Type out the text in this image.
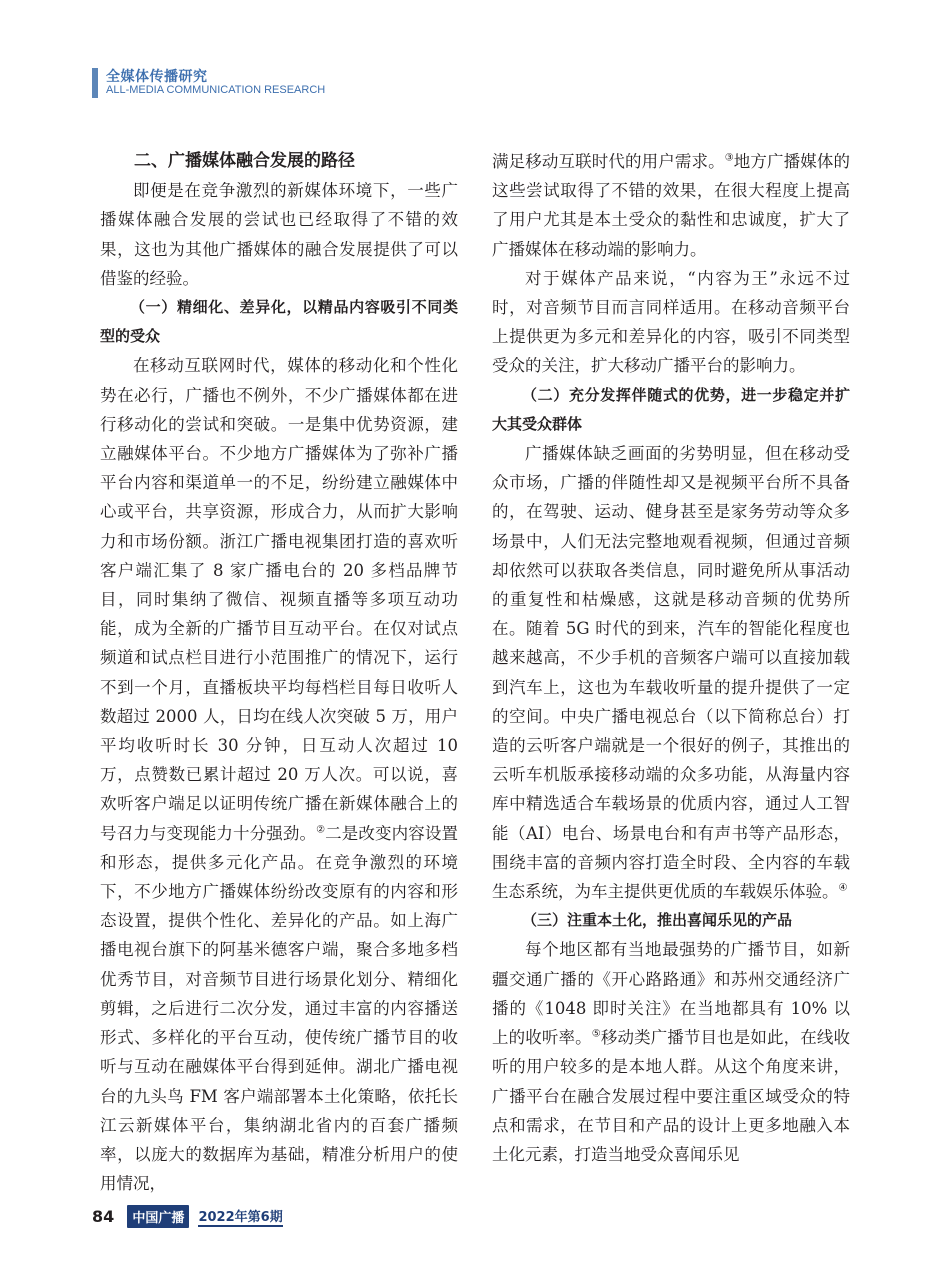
全媒体传播研究
ALL-MEDIA COMMUNICATION RESEARCH
二、广播媒体融合发展的路径

即便是在竞争激烈的新媒体环境下，一些广播媒体融合发展的尝试也已经取得了不错的效果，这也为其他广播媒体的融合发展提供了可以借鉴的经验。

（一）精细化、差异化，以精品内容吸引不同类型的受众

在移动互联网时代，媒体的移动化和个性化势在必行，广播也不例外，不少广播媒体都在进行移动化的尝试和突破。一是集中优势资源，建立融媒体平台。不少地方广播媒体为了弥补广播平台内容和渠道单一的不足，纷纷建立融媒体中心或平台，共享资源，形成合力，从而扩大影响力和市场份额。浙江广播电视集团打造的喜欢听客户端汇集了 8 家广播电台的 20 多档品牌节目，同时集纳了微信、视频直播等多项互动功能，成为全新的广播节目互动平台。在仅对试点频道和试点栏目进行小范围推广的情况下，运行不到一个月，直播板块平均每档栏目每日收听人数超过 2000 人，日均在线人次突破 5 万，用户平均收听时长 30 分钟，日互动人次超过 10 万，点赞数已累计超过 20 万人次。可以说，喜欢听客户端足以证明传统广播在新媒体融合上的号召力与变现能力十分强劲。②二是改变内容设置和形态，提供多元化产品。在竞争激烈的环境下，不少地方广播媒体纷纷改变原有的内容和形态设置，提供个性化、差异化的产品。如上海广播电视台旗下的阿基米德客户端，聚合多地多档优秀节目，对音频节目进行场景化划分、精细化剪辑，之后进行二次分发，通过丰富的内容播送形式、多样化的平台互动，使传统广播节目的收听与互动在融媒体平台得到延伸。湖北广播电视台的九头鸟 FM 客户端部署本土化策略，依托长江云新媒体平台，集纳湖北省内的百套广播频率，以庞大的数据库为基础，精准分析用户的使用情况，

满足移动互联时代的用户需求。③地方广播媒体的这些尝试取得了不错的效果，在很大程度上提高了用户尤其是本土受众的黏性和忠诚度，扩大了广播媒体在移动端的影响力。

对于媒体产品来说，“内容为王”永远不过时，对音频节目而言同样适用。在移动音频平台上提供更为多元和差异化的内容，吸引不同类型受众的关注，扩大移动广播平台的影响力。

（二）充分发挥伴随式的优势，进一步稳定并扩大其受众群体

广播媒体缺乏画面的劣势明显，但在移动受众市场，广播的伴随性却又是视频平台所不具备的，在驾驶、运动、健身甚至是家务劳动等众多场景中，人们无法完整地观看视频，但通过音频却依然可以获取各类信息，同时避免所从事活动的重复性和枯燥感，这就是移动音频的优势所在。随着 5G 时代的到来，汽车的智能化程度也越来越高，不少手机的音频客户端可以直接加载到汽车上，这也为车载收听量的提升提供了一定的空间。中央广播电视总台（以下简称总台）打造的云听客户端就是一个很好的例子，其推出的云听车机版承接移动端的众多功能，从海量内容库中精选适合车载场景的优质内容，通过人工智能（AI）电台、场景电台和有声书等产品形态，围绕丰富的音频内容打造全时段、全内容的车载生态系统，为车主提供更优质的车载娱乐体验。④

（三）注重本土化，推出喜闻乐见的产品

每个地区都有当地最强势的广播节目，如新疆交通广播的《开心路路通》和苏州交通经济广播的《1048 即时关注》在当地都具有 10% 以上的收听率。⑤移动类广播节目也是如此，在线收听的用户较多的是本地人群。从这个角度来讲，广播平台在融合发展过程中要注重区域受众的特点和需求，在节目和产品的设计上更多地融入本土化元素，打造当地受众喜闻乐见

84 中国广播 2022年第6期
